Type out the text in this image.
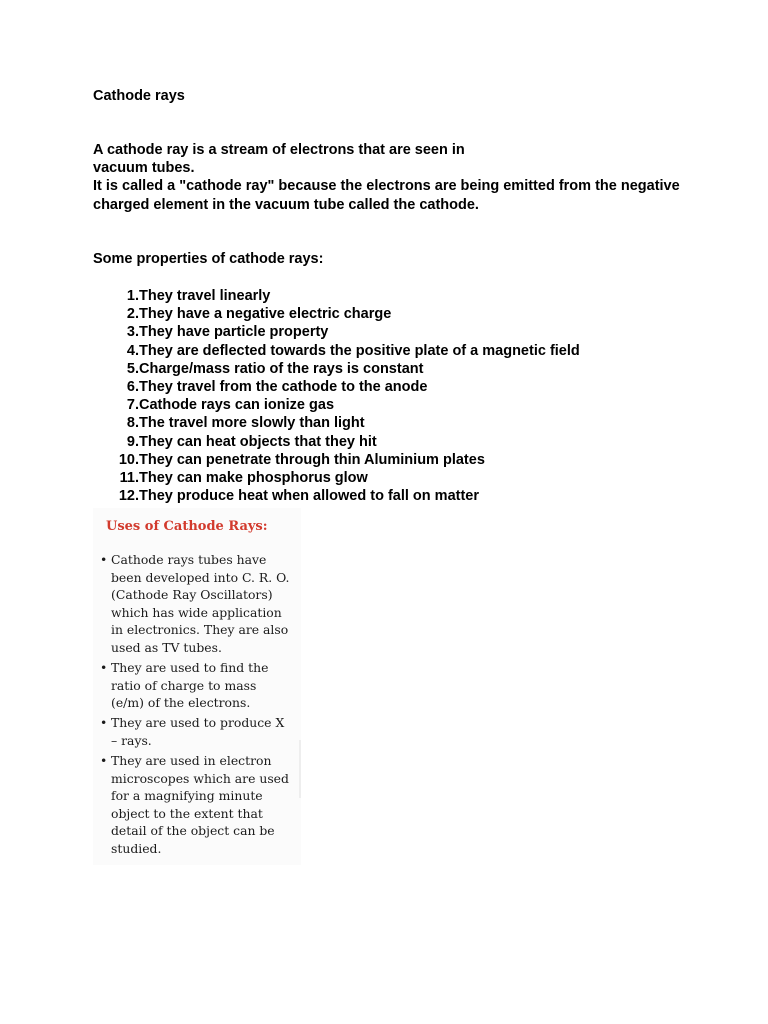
Cathode rays

A cathode ray is a stream of electrons that are seen in
vacuum tubes.
It is called a "cathode ray" because the electrons are being emitted from the negative
charged element in the vacuum tube called the cathode.

Some properties of cathode rays:

1. They travel linearly
2. They have a negative electric charge
3. They have particle property
4. They are deflected towards the positive plate of a magnetic field
5. Charge/mass ratio of the rays is constant
6. They travel from the cathode to the anode
7. Cathode rays can ionize gas
8. The travel more slowly than light
9. They can heat objects that they hit
10. They can penetrate through thin Aluminium plates
11. They can make phosphorus glow
12. They produce heat when allowed to fall on matter

Uses of Cathode Rays:

• Cathode rays tubes have
been developed into C. R. O.
(Cathode Ray Oscillators)
which has wide application
in electronics. They are also
used as TV tubes.
• They are used to find the
ratio of charge to mass
(e/m) of the electrons.
• They are used to produce X
– rays.
• They are used in electron
microscopes which are used
for a magnifying minute
object to the extent that
detail of the object can be
studied.
